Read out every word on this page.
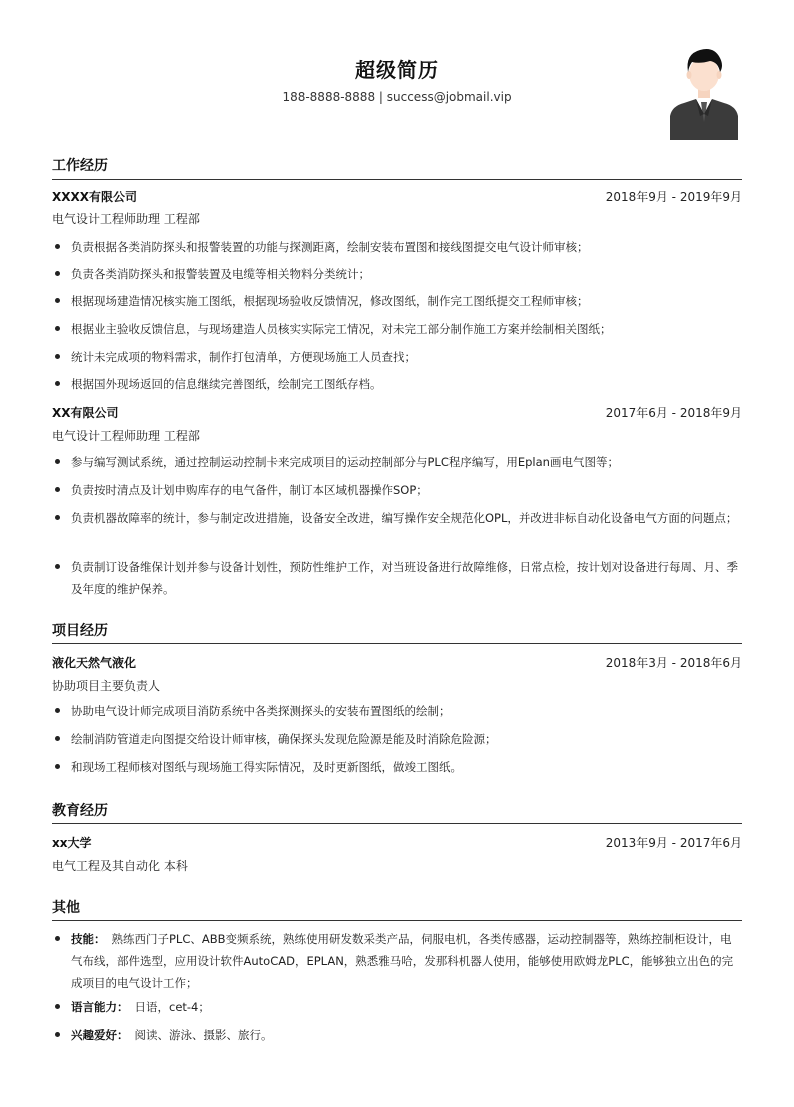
超级简历
188-8888-8888 | success@jobmail.vip
工作经历
XXXX有限公司	2018年9月 - 2019年9月
电气设计工程师助理 工程部
负责根据各类消防探头和报警装置的功能与探测距离，绘制安装布置图和接线图提交电气设计师审核；
负责各类消防探头和报警装置及电缆等相关物料分类统计；
根据现场建造情况核实施工图纸，根据现场验收反馈情况，修改图纸，制作完工图纸提交工程师审核；
根据业主验收反馈信息，与现场建造人员核实实际完工情况，对未完工部分制作施工方案并绘制相关图纸；
统计未完成项的物料需求，制作打包清单，方便现场施工人员查找；
根据国外现场返回的信息继续完善图纸，绘制完工图纸存档。
XX有限公司	2017年6月 - 2018年9月
电气设计工程师助理 工程部
参与编写测试系统，通过控制运动控制卡来完成项目的运动控制部分与PLC程序编写，用Eplan画电气图等；
负责按时清点及计划申购库存的电气备件，制订本区域机器操作SOP；
负责机器故障率的统计，参与制定改进措施，设备安全改进，编写操作安全规范化OPL，并改进非标自动化设备电气方面的问题点；
负责制订设备维保计划并参与设备计划性，预防性维护工作，对当班设备进行故障维修，日常点检，按计划对设备进行每周、月、季及年度的维护保养。
项目经历
液化天然气液化	2018年3月 - 2018年6月
协助项目主要负责人
协助电气设计师完成项目消防系统中各类探测探头的安装布置图纸的绘制；
绘制消防管道走向图提交给设计师审核，确保探头发现危险源是能及时消除危险源；
和现场工程师核对图纸与现场施工得实际情况，及时更新图纸，做竣工图纸。
教育经历
xx大学	2013年9月 - 2017年6月
电气工程及其自动化 本科
其他
技能： 熟练西门子PLC、ABB变频系统，熟练使用研发数采类产品，伺服电机，各类传感器，运动控制器等，熟练控制柜设计，电气布线，部件选型，应用设计软件AutoCAD，EPLAN，熟悉雅马哈，发那科机器人使用，能够使用欧姆龙PLC，能够独立出色的完成项目的电气设计工作；
语言能力： 日语，cet-4；
兴趣爱好： 阅读、游泳、摄影、旅行。
